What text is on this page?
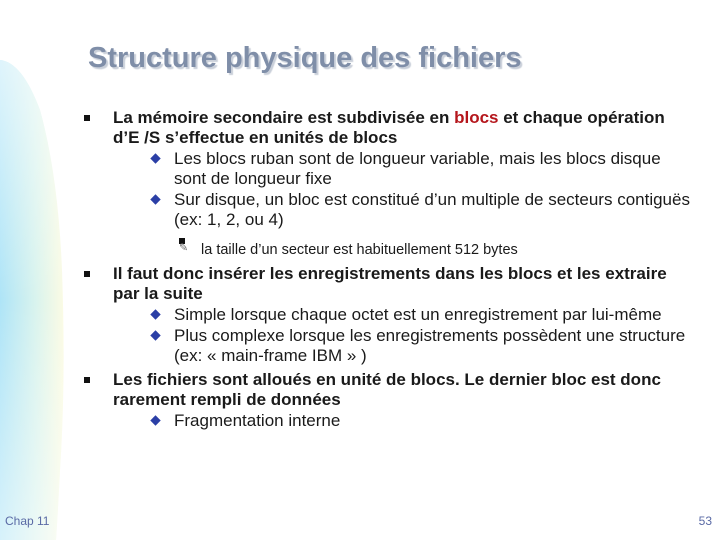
Structure physique des fichiers
La mémoire secondaire est subdivisée en blocs et chaque opération d’E /S s’effectue en unités de blocs
Les blocs ruban sont de longueur variable, mais les blocs disque sont de longueur fixe
Sur disque, un bloc est constitué d’un multiple de secteurs contiguës (ex: 1, 2, ou 4)
✎ la taille d’un secteur est habituellement 512 bytes
Il faut donc insérer les enregistrements dans les blocs et les extraire par la suite
Simple lorsque chaque octet est un enregistrement par lui-même
Plus complexe lorsque les enregistrements possèdent une structure (ex: « main-frame IBM » )
Les fichiers sont alloués en unité de blocs. Le dernier bloc est donc rarement rempli de données
Fragmentation interne
Chap 11	53
